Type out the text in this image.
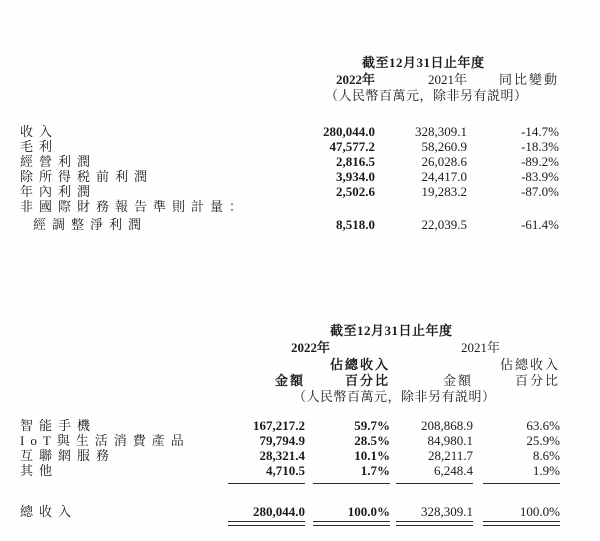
截至12月31日止年度
2022年	2021年	同比變動
（人民幣百萬元，除非另有説明）
收入	280,044.0	328,309.1	-14.7%
毛利	47,577.2	58,260.9	-18.3%
經營利潤	2,816.5	26,028.6	-89.2%
除所得税前利潤	3,934.0	24,417.0	-83.9%
年內利潤	2,502.6	19,283.2	-87.0%
非國際財務報告準則計量：
經調整淨利潤	8,518.0	22,039.5	-61.4%
截至12月31日止年度
2022年	2021年
佔總收入	佔總收入
金額	百分比	金額	百分比
（人民幣百萬元，除非另有説明）
智能手機	167,217.2	59.7%	208,868.9	63.6%
IoT與生活消費產品	79,794.9	28.5%	84,980.1	25.9%
互聯網服務	28,321.4	10.1%	28,211.7	8.6%
其他	4,710.5	1.7%	6,248.4	1.9%
總收入	280,044.0	100.0%	328,309.1	100.0%
